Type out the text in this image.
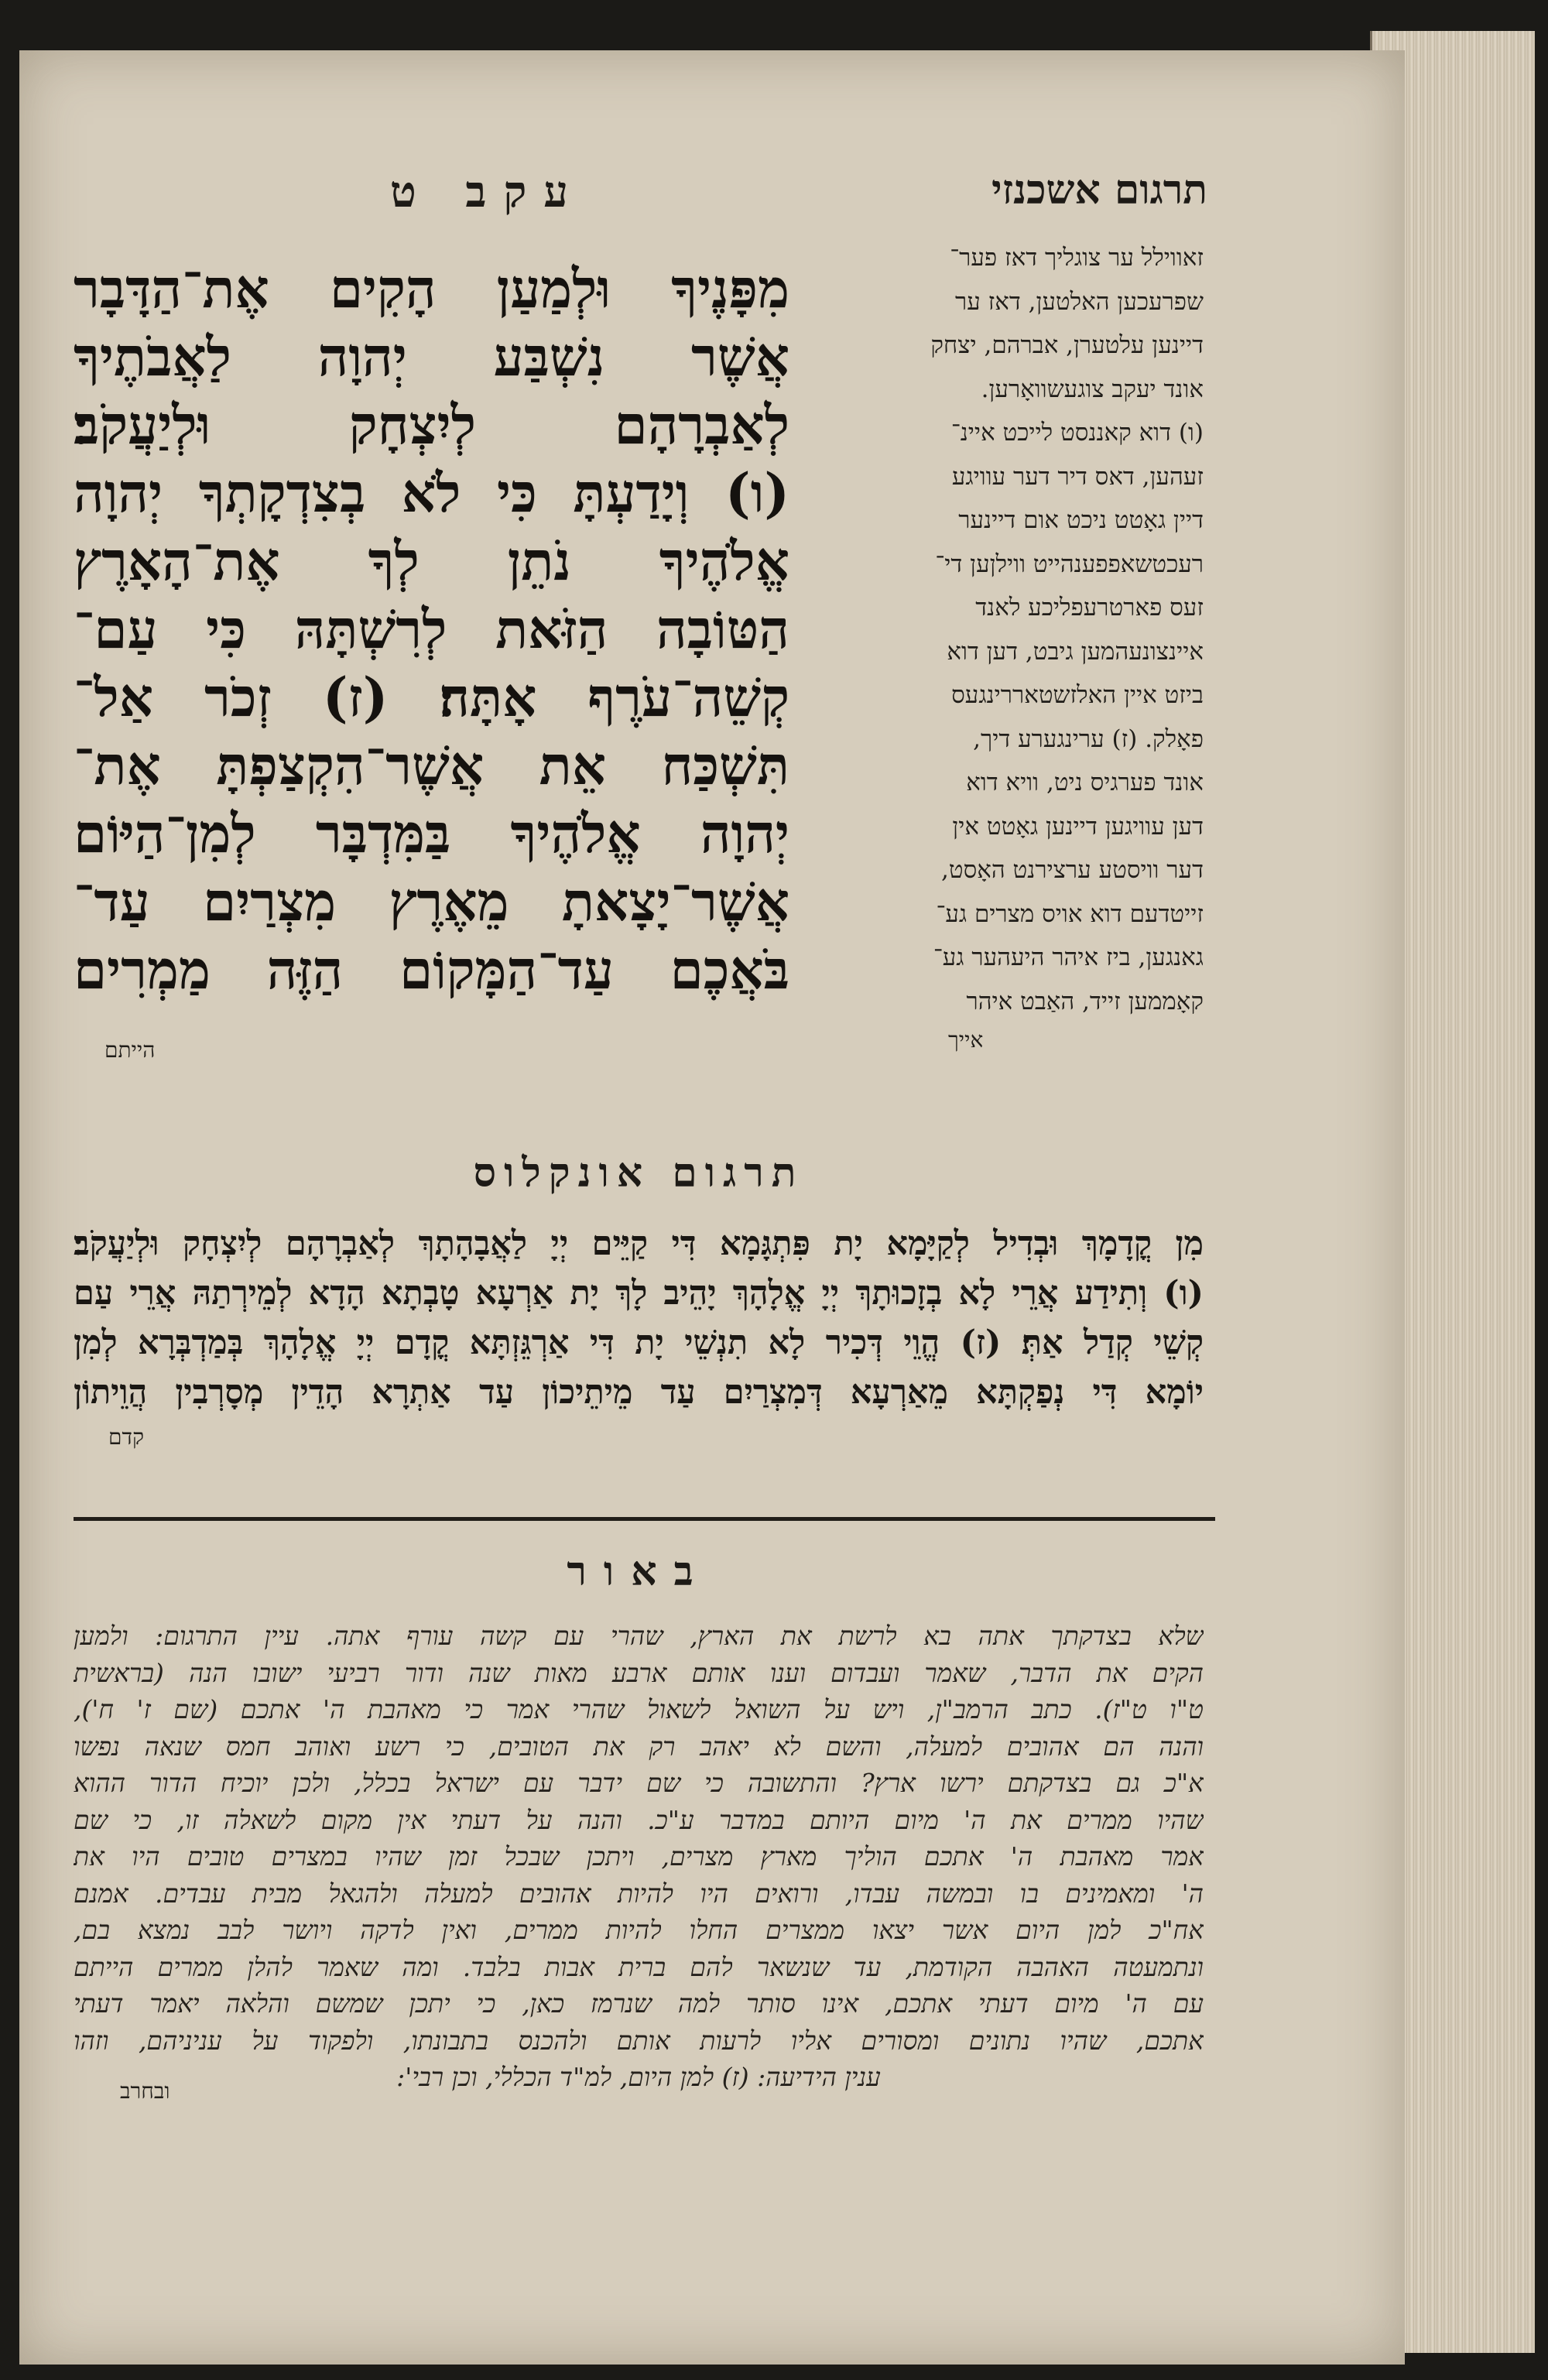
תרגום אשכנזי
עקב ט
זאווילל ער צוגליך דאז פער־
שפרעכען האלטען, דאז ער
דיינען עלטערן, אברהם, יצחק
אונד יעקב צוגעשוואָרען.
(ו) דוא קאננסט לייכט איינ־
זעהען, דאס דיר דער עוויגע
דיין גאָטט ניכט אום דיינער
רעכטשאפפענהייט ווילןען די־
זעס פארטרעפליכע לאנד
איינצונעהמען גיבט, דען דוא
ביזט איין האלזשטאררינגעס
פאָלק. (ז) ערינגערע דיך,
אונד פערגיס ניט, וויא דוא
דען עוויגען דיינען גאָטט אין
דער וויסטע ערצירנט האָסט,
זייטדעם דוא אויס מצרים גע־
גאנגען, ביז איהר היעהער גע־
קאָממען זייד, האַבט איהר
אייך
מִפָּנֶיךָ וּלְמַעַן הָקִים אֶת־הַדָּבָר
אֲשֶׁר נִשְׁבַּע יְהוָה לַאֲבֹתֶיךָ
לְאַבְרָהָם לְיִצְחָק וּלְיַעֲקֹב׃
(ו) וְיָדַעְתָּ כִּי לֹא בְצִדְקָתְךָ יְהוָה
אֱלֹהֶיךָ נֹתֵן לְךָ אֶת־הָאָרֶץ
הַטּוֹבָה הַזֹּאת לְרִשְׁתָּהּ כִּי עַם־
קְשֵׁה־עֹרֶף אָתָּה׃ (ז) זְכֹר אַל־
תִּשְׁכַּח אֵת אֲשֶׁר־הִקְצַפְתָּ אֶת־
יְהוָה אֱלֹהֶיךָ בַּמִּדְבָּר לְמִן־הַיּוֹם
אֲשֶׁר־יָצָאתָ מֵאֶרֶץ מִצְרַיִם עַד־
בֹּאֲכֶם עַד־הַמָּקוֹם הַזֶּה מַמְרִים
הייתם
תרגום אונקלוס
מִן קֳדָמָךְ וּבְדִיל לְקַיָּמָא יָת פִּתְגָּמָא דִּי קַיֵּים יְיָ לַאֲבָהָתָךְ לְאַבְרָהָם לְיִצְחָק וּלְיַעֲקֹב׃
(ו) וְתִידַע אֲרֵי לָא בְזָכוּתָךְ יְיָ אֱלָהָךְ יָהֵיב לָךְ יָת אַרְעָא טָבְתָא הָדָא לְמֵירְתַהּ אֲרֵי עַם
קְשֵׁי קְדַל אַתְּ׃ (ז) הֱוֵי דְּכִיר לָא תִנְשֵׁי יָת דִּי אַרְגֵּזְתָּא קֳדָם יְיָ אֱלָהָךְ בְּמַדְבְּרָא לְמִן
יוֹמָא דִּי נְפַקְתָּא מֵאַרְעָא דְּמִצְרַיִם עַד מֵיתֵיכוֹן עַד אַתְרָא הָדֵין מְסָרְבִין הֲוֵיתוֹן
קדם
באור
שלא בצדקתך אתה בא לרשת את הארץ, שהרי עם קשה עורף אתה. עיין התרגום: ולמען
הקים את הדבר, שאמר ועבדום וענו אותם ארבע מאות שנה ודור רביעי ישובו הנה (בראשית
ט"ו ט"ז). כתב הרמב"ן, ויש על השואל לשאול שהרי אמר כי מאהבת ה' אתכם (שם ז' ח'),
והנה הם אהובים למעלה, והשם לא יאהב רק את הטובים, כי רשע ואוהב חמס שנאה נפשו
א"כ גם בצדקתם ירשו ארץ? והתשובה כי שם ידבר עם ישראל בכלל, ולכן יוכיח הדור ההוא
שהיו ממרים את ה' מיום היותם במדבר ע"כ. והנה על דעתי אין מקום לשאלה זו, כי שם
אמר מאהבת ה' אתכם הוליך מארץ מצרים, ויתכן שבכל זמן שהיו במצרים טובים היו את
ה' ומאמינים בו ובמשה עבדו, ורואים היו להיות אהובים למעלה ולהגאל מבית עבדים. אמנם
אח"כ למן היום אשר יצאו ממצרים החלו להיות ממרים, ואין לדקה ויושר לבב נמצא בם,
ונתמעטה האהבה הקודמת, עד שנשאר להם ברית אבות בלבד. ומה שאמר להלן ממרים הייתם
עם ה' מיום דעתי אתכם, אינו סותר למה שנרמז כאן, כי יתכן שמשם והלאה יאמר דעתי
אתכם, שהיו נתונים ומסורים אליו לרעות אותם ולהכנס בתבונתו, ולפקוד על עניניהם, וזהו
ענין הידיעה: (ז) למן היום, למ"ד הכללי, וכן רבי':
ובחרב
